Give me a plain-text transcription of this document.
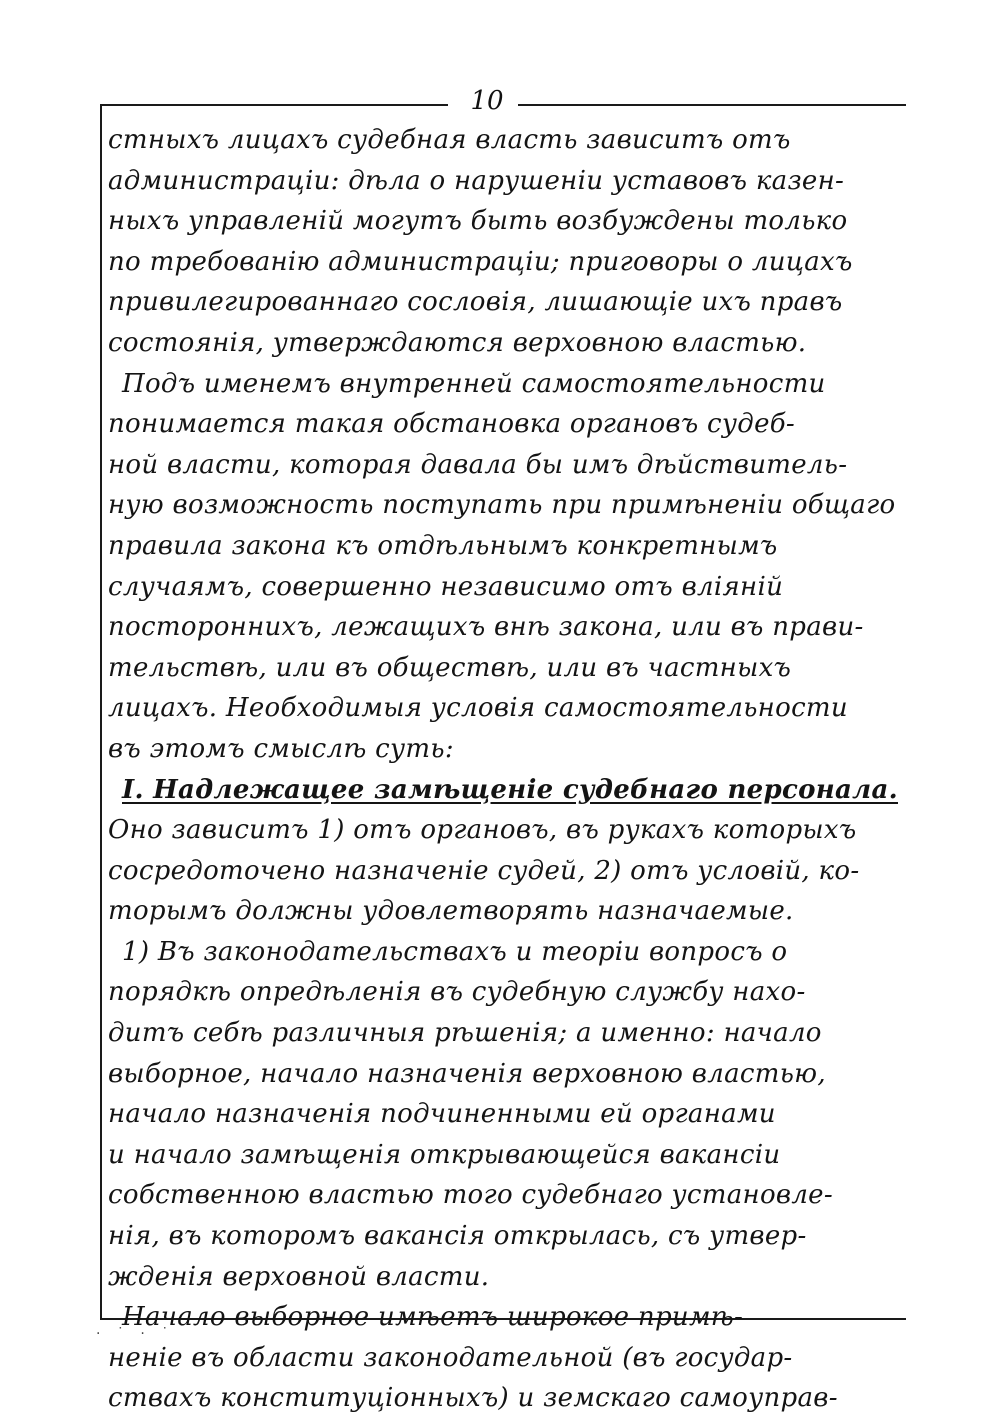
10
стныхъ лицахъ судебная власть зависитъ отъ
администраціи: дѣла о нарушеніи уставовъ казен-
ныхъ управленій могутъ быть возбуждены только
по требованію администраціи; приговоры о лицахъ
привилегированнаго сословія, лишающіе ихъ правъ
состоянія, утверждаются верховною властью.
Подъ именемъ внутренней самостоятельности
понимается такая обстановка органовъ судеб-
ной власти, которая давала бы имъ дѣйствитель-
ную возможность поступать при примѣненіи общаго
правила закона къ отдѣльнымъ конкретнымъ
случаямъ, совершенно независимо отъ вліяній
постороннихъ, лежащихъ внѣ закона, или въ прави-
тельствѣ, или въ обществѣ, или въ частныхъ
лицахъ. Необходимыя условія самостоятельности
въ этомъ смыслѣ суть:
I. Надлежащее замѣщеніе судебнаго персонала.
Оно зависитъ 1) отъ органовъ, въ рукахъ которыхъ
сосредоточено назначеніе судей, 2) отъ условій, ко-
торымъ должны удовлетворять назначаемые.
1) Въ законодательствахъ и теоріи вопросъ о
порядкѣ опредѣленія въ судебную службу нахо-
дитъ себѣ различныя рѣшенія; а именно: начало
выборное, начало назначенія верховною властью,
начало назначенія подчиненными ей органами
и начало замѣщенія открывающейся вакансіи
собственною властью того судебнаго установле-
нія, въ которомъ вакансія открылась, съ утвер-
жденія верховной власти.
Начало выборное имѣетъ широкое примѣ-
неніе въ области законодательной (въ государ-
ствахъ конституціонныхъ) и земскаго самоуправ-
· ˙ · ˙
